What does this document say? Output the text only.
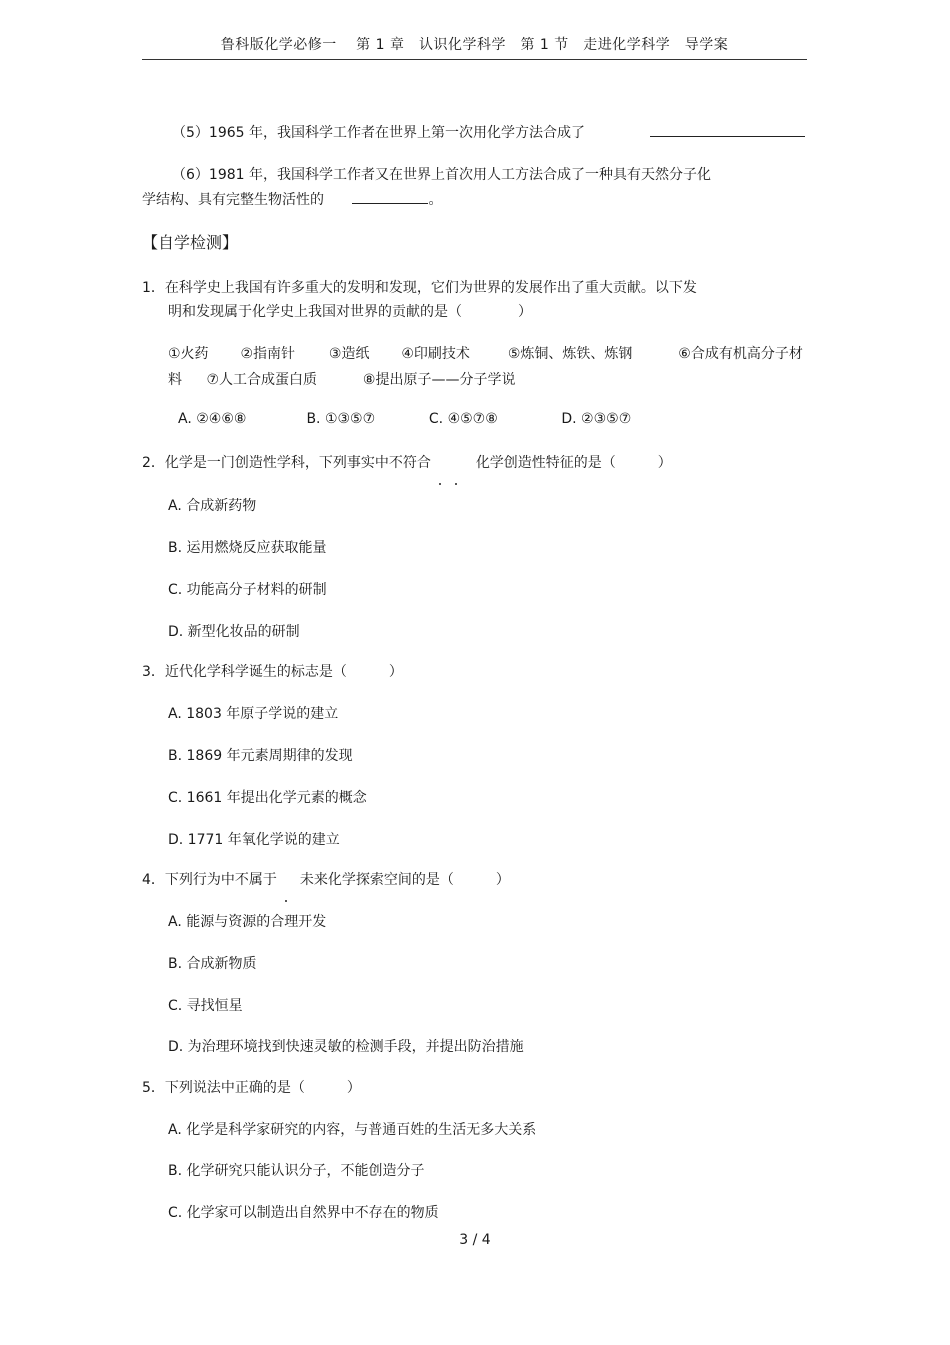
鲁科版化学必修一　 第 1 章　认识化学科学　第 1 节　走进化学科学　导学案
（5）1965 年，我国科学工作者在世界上第一次用化学方法合成了
（6）1981 年，我国科学工作者又在世界上首次用人工方法合成了一种具有天然分子化
学结构、具有完整生物活性的	。
【自学检测】
1．在科学史上我国有许多重大的发明和发现，它们为世界的发展作出了重大贡献。以下发
明和发现属于化学史上我国对世界的贡献的是（　　　　）
①火药 ②指南针 ③造纸 ④印刷技术	⑤炼铜、炼铁、炼钢	⑥合成有机高分子材
料 ⑦人工合成蛋白质	⑧提出原子——分子学说
A. ②④⑥⑧	B. ①③⑤⑦	C. ④⑤⑦⑧	D. ②③⑤⑦
2．化学是一门创造性学科，下列事实中不符合	化学创造性特征的是（　　　）
A. 合成新药物
B. 运用燃烧反应获取能量
C. 功能高分子材料的研制
D. 新型化妆品的研制
3．近代化学科学诞生的标志是（　　　）
A. 1803 年原子学说的建立
B. 1869 年元素周期律的发现
C. 1661 年提出化学元素的概念
D. 1771 年氧化学说的建立
4．下列行为中不属于 未来化学探索空间的是（　　　）
A. 能源与资源的合理开发
B. 合成新物质
C. 寻找恒星
D. 为治理环境找到快速灵敏的检测手段，并提出防治措施
5．下列说法中正确的是（　　　）
A. 化学是科学家研究的内容，与普通百姓的生活无多大关系
B. 化学研究只能认识分子，不能创造分子
C. 化学家可以制造出自然界中不存在的物质
3 / 4
